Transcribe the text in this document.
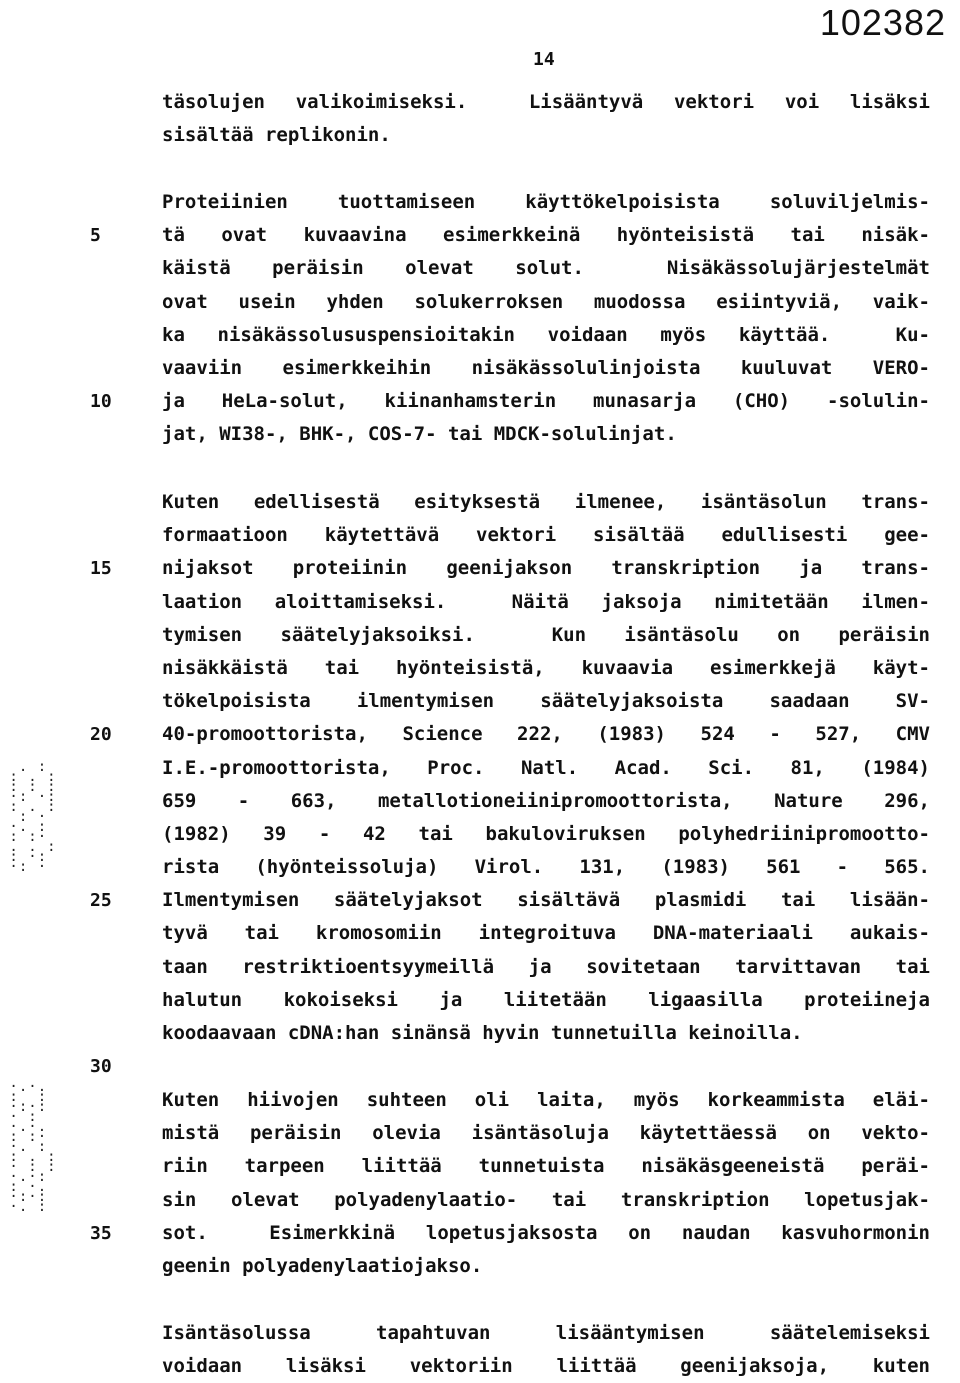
102382
14
5
10
15
20
25
30
35
. :
: . :
: : :
·: ·:
: . :
: ·
·. :
: :·
. . :
: ·:
·: ·
·.·.
:  :
·:·:
· :
·.·.
: :·
·. :
: . :
· : :
·.·:
: ·.
·:·:
·. :
täsolujen valikoimiseksi.  Lisääntyvä vektori voi lisäksi
sisältää replikonin.
Proteiinien tuottamiseen käyttökelpoisista soluviljelmis-
tä ovat kuvaavina esimerkkeinä hyönteisistä tai nisäk-
käistä peräisin olevat solut.  Nisäkässolujärjestelmät
ovat usein yhden solukerroksen muodossa esiintyviä, vaik-
ka nisäkässolususpensioitakin voidaan myös käyttää.  Ku-
vaaviin esimerkkeihin nisäkässolulinjoista kuuluvat VERO-
ja HeLa-solut, kiinanhamsterin munasarja (CHO) -solulin-
jat, WI38-, BHK-, COS-7- tai MDCK-solulinjat.
Kuten edellisestä esityksestä ilmenee, isäntäsolun trans-
formaatioon käytettävä vektori sisältää edullisesti gee-
nijaksot proteiinin geenijakson transkription ja trans-
laation aloittamiseksi.  Näitä jaksoja nimitetään ilmen-
tymisen säätelyjaksoiksi.  Kun isäntäsolu on peräisin
nisäkkäistä tai hyönteisistä, kuvaavia esimerkkejä käyt-
tökelpoisista ilmentymisen säätelyjaksoista saadaan SV-
40-promoottorista, Science 222, (1983) 524 - 527, CMV
I.E.-promoottorista, Proc. Natl. Acad. Sci. 81, (1984)
659 - 663, metallotioneiinipromoottorista, Nature 296,
(1982) 39 - 42 tai bakuloviruksen polyhedriinipromootto-
rista (hyönteissoluja) Virol. 131, (1983) 561 - 565.
Ilmentymisen säätelyjaksot sisältävä plasmidi tai lisään-
tyvä tai kromosomiin integroituva DNA-materiaali aukais-
taan restriktioentsyymeillä ja sovitetaan tarvittavan tai
halutun kokoiseksi ja liitetään ligaasilla proteiineja
koodaavaan cDNA:han sinänsä hyvin tunnetuilla keinoilla.
Kuten hiivojen suhteen oli laita, myös korkeammista eläi-
mistä peräisin olevia isäntäsoluja käytettäessä on vekto-
riin tarpeen liittää tunnetuista nisäkäsgeeneistä peräi-
sin olevat polyadenylaatio- tai transkription lopetusjak-
sot.  Esimerkkinä lopetusjaksosta on naudan kasvuhormonin
geenin polyadenylaatiojakso.
Isäntäsolussa tapahtuvan lisääntymisen säätelemiseksi
voidaan lisäksi vektoriin liittää geenijaksoja, kuten
